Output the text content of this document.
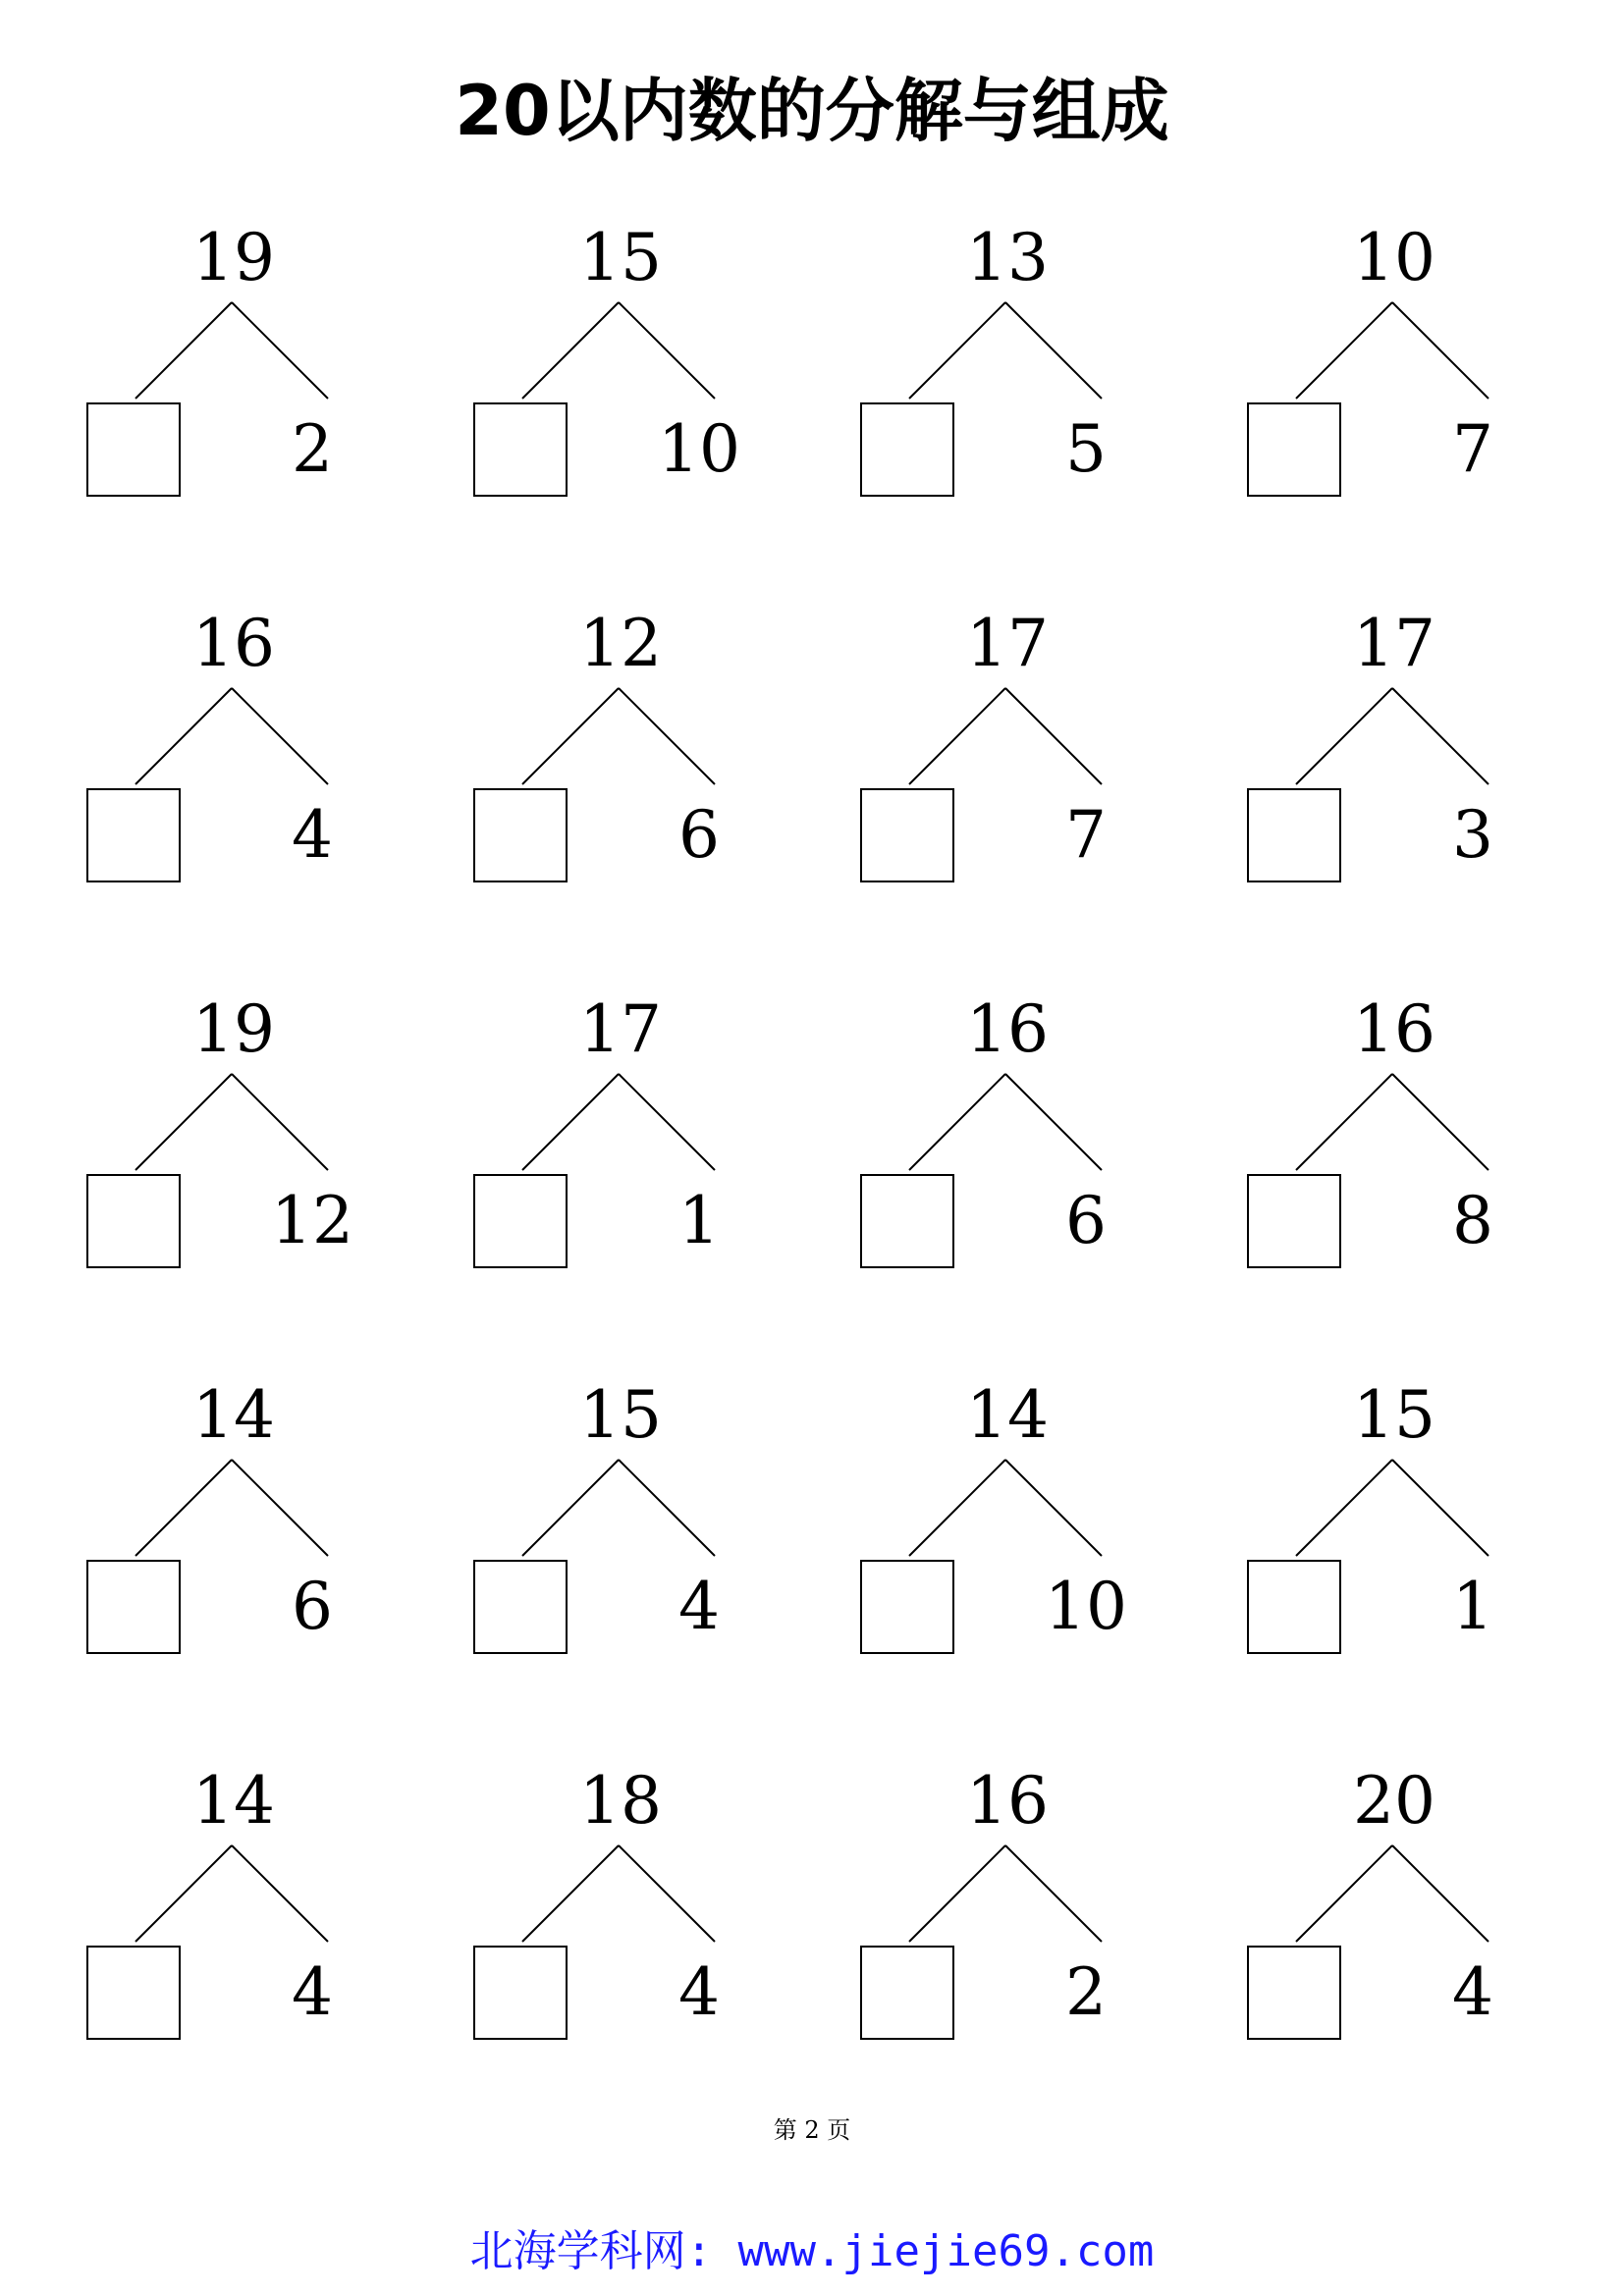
20以内数的分解与组成
19
2
15
10
13
5
10
7
16
4
12
6
17
7
17
3
19
12
17
1
16
6
16
8
14
6
15
4
14
10
15
1
14
4
18
4
16
2
20
4
第 2 页
北海学科网: www.jiejie69.com
